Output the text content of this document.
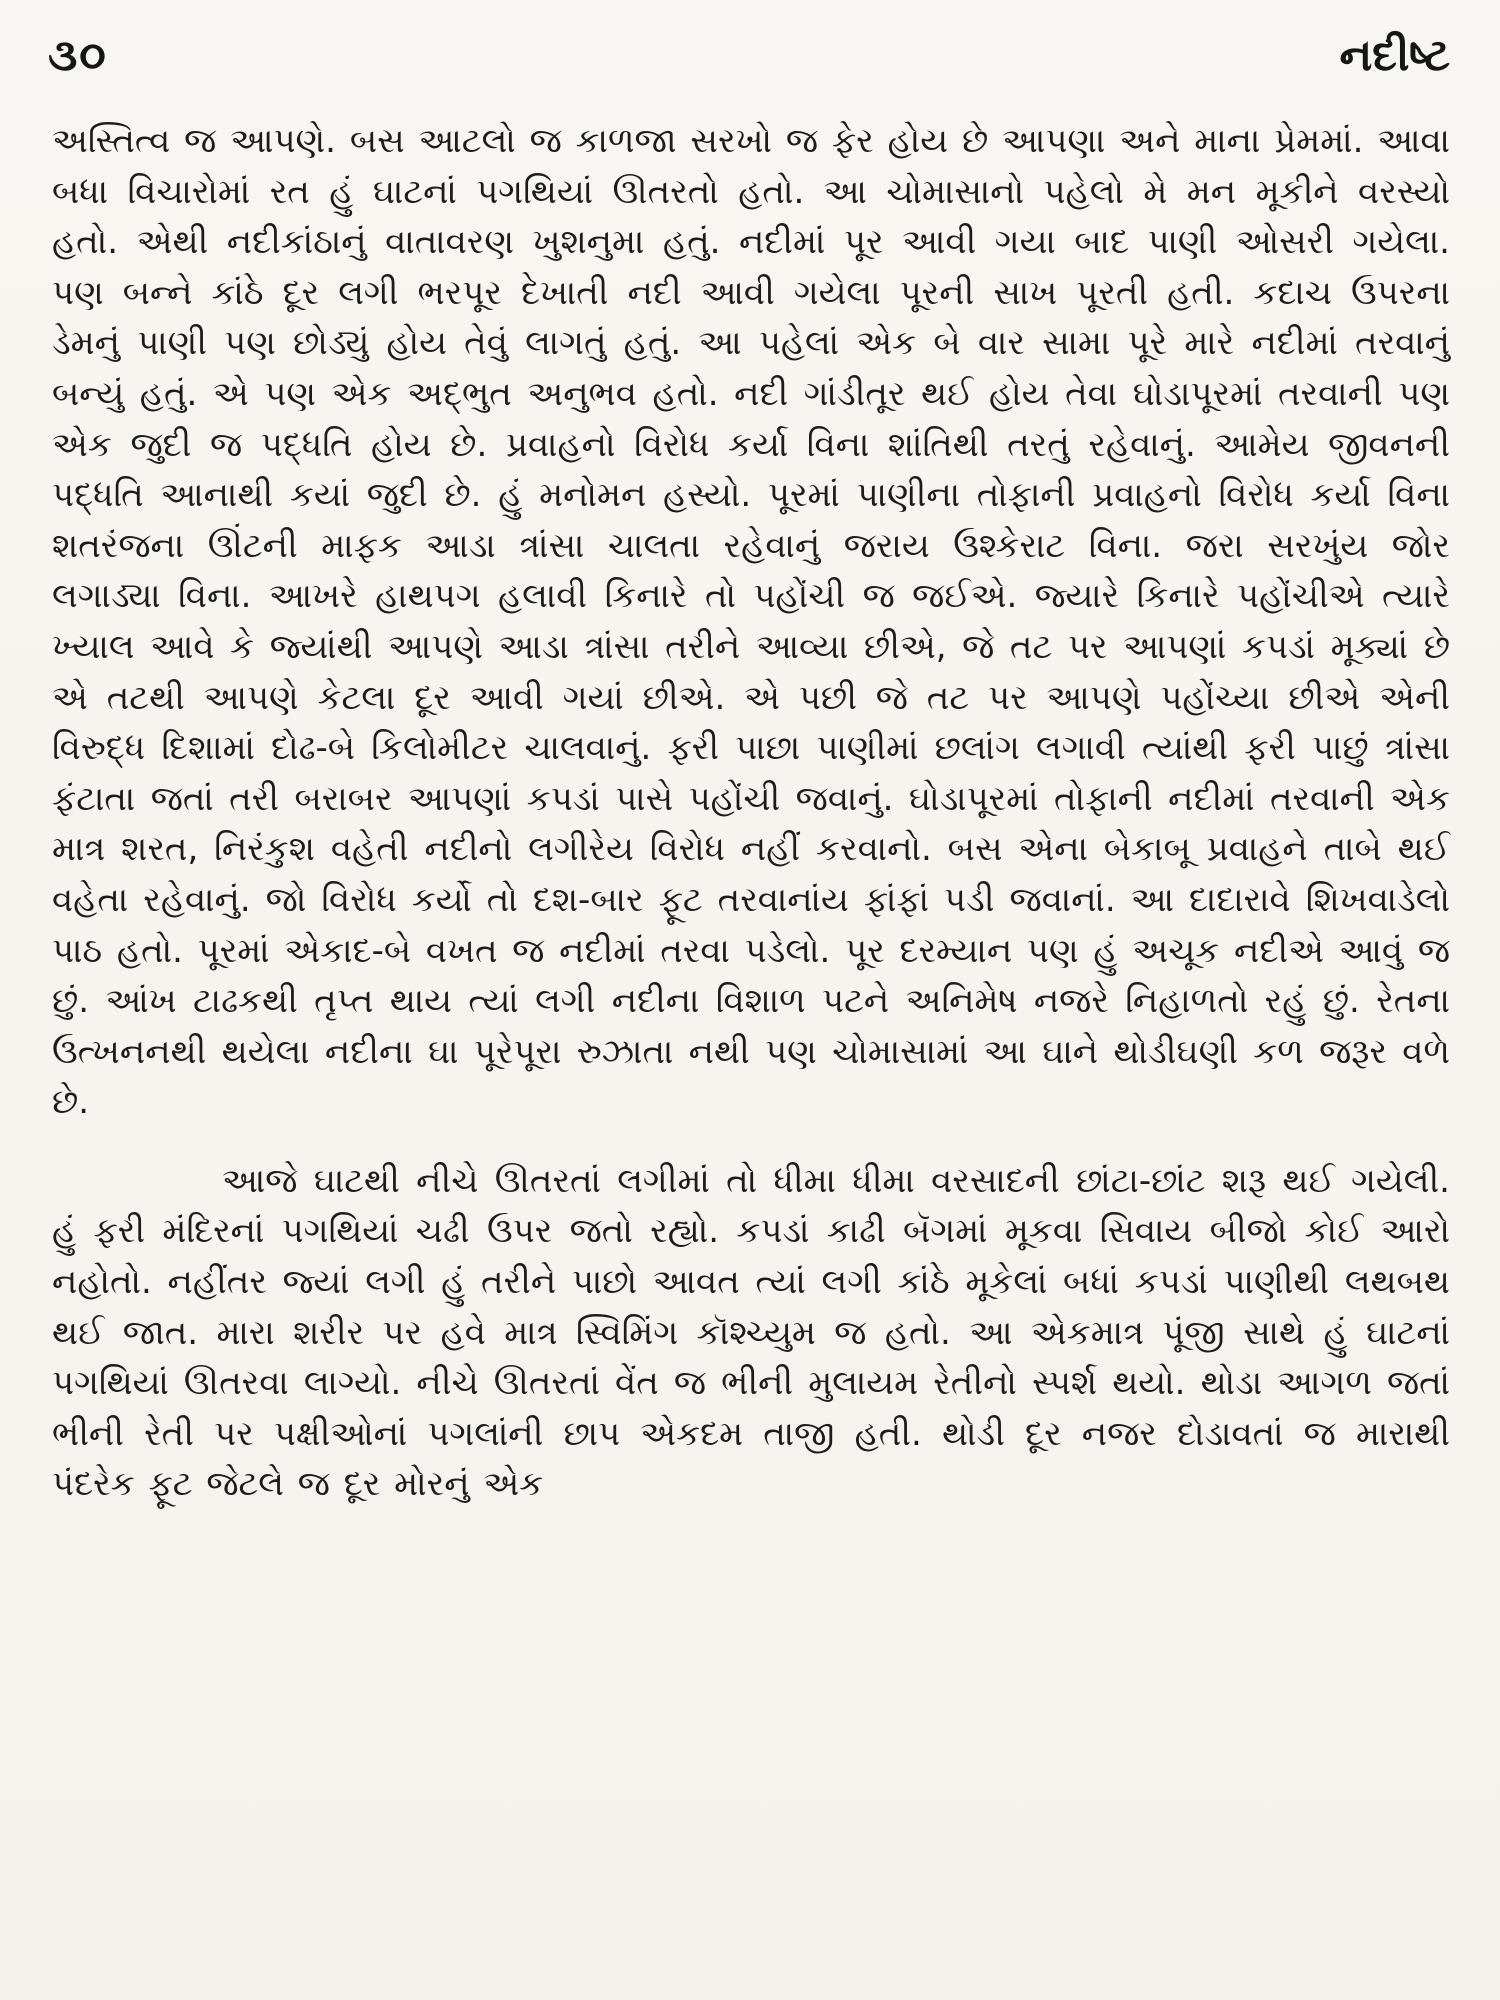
૩૦	નદીષ્ટ

અસ્તિત્વ જ આપણે. બસ આટલો જ કાળજા સરખો જ ફેર હોય છે આપણા અને માના પ્રેમમાં. આવા બધા વિચારોમાં રત હું ઘાટનાં પગથિયાં ઊતરતો હતો. આ ચોમાસાનો પહેલો મે મન મૂકીને વરસ્યો હતો. એથી નદીકાંઠાનું વાતાવરણ ખુશનુમા હતું. નદીમાં પૂર આવી ગયા બાદ પાણી ઓસરી ગયેલા. પણ બન્ને કાંઠે દૂર લગી ભરપૂર દેખાતી નદી આવી ગયેલા પૂરની સાખ પૂરતી હતી. કદાચ ઉપરના ડેમનું પાણી પણ છોડ્યું હોય તેવું લાગતું હતું. આ પહેલાં એક બે વાર સામા પૂરે મારે નદીમાં તરવાનું બન્યું હતું. એ પણ એક અદ્ભુત અનુભવ હતો. નદી ગાંડીતૂર થઈ હોય તેવા ઘોડાપૂરમાં તરવાની પણ એક જુદી જ પદ્ધતિ હોય છે. પ્રવાહનો વિરોધ કર્યા વિના શાંતિથી તરતું રહેવાનું. આમેય જીવનની પદ્ધતિ આનાથી કયાં જુદી છે. હું મનોમન હસ્યો. પૂરમાં પાણીના તોફાની પ્રવાહનો વિરોધ કર્યા વિના શતરંજના ઊંટની માફક આડા ત્રાંસા ચાલતા રહેવાનું જરાય ઉશ્કેરાટ વિના. જરા સરખુંય જોર લગાડ્યા વિના. આખરે હાથપગ હલાવી કિનારે તો પહોંચી જ જઈએ. જ્યારે કિનારે પહોંચીએ ત્યારે ખ્યાલ આવે કે જ્યાંથી આપણે આડા ત્રાંસા તરીને આવ્યા છીએ, જે તટ પર આપણાં કપડાં મૂક્યાં છે એ તટથી આપણે કેટલા દૂર આવી ગયાં છીએ. એ પછી જે તટ પર આપણે પહોંચ્યા છીએ એની વિરુદ્ધ દિશામાં દોઢ-બે કિલોમીટર ચાલવાનું. ફરી પાછા પાણીમાં છલાંગ લગાવી ત્યાંથી ફરી પાછું ત્રાંસા ફંટાતા જતાં તરી બરાબર આપણાં કપડાં પાસે પહોંચી જવાનું. ઘોડાપૂરમાં તોફાની નદીમાં તરવાની એક માત્ર શરત, નિરંકુશ વહેતી નદીનો લગીરેય વિરોધ નહીં કરવાનો. બસ એના બેકાબૂ પ્રવાહને તાબે થઈ વહેતા રહેવાનું. જો વિરોધ કર્યો તો દશ-બાર ફૂટ તરવાનાંય ફાંફાં પડી જવાનાં. આ દાદારાવે શિખવાડેલો પાઠ હતો. પૂરમાં એકાદ-બે વખત જ નદીમાં તરવા પડેલો. પૂર દરમ્યાન પણ હું અચૂક નદીએ આવું જ છું. આંખ ટાઢકથી તૃપ્ત થાય ત્યાં લગી નદીના વિશાળ પટને અનિમેષ નજરે નિહાળતો રહું છું. રેતના ઉત્ખનનથી થયેલા નદીના ઘા પૂરેપૂરા રુઝાતા નથી પણ ચોમાસામાં આ ઘાને થોડીઘણી કળ જરૂર વળે છે.

આજે ઘાટથી નીચે ઊતરતાં લગીમાં તો ધીમા ધીમા વરસાદની છાંટા-છાંટ શરૂ થઈ ગયેલી. હું ફરી મંદિરનાં પગથિયાં ચઢી ઉપર જતો રહ્યો. કપડાં કાઢી બૅગમાં મૂકવા સિવાય બીજો કોઈ આરો નહોતો. નહીંતર જ્યાં લગી હું તરીને પાછો આવત ત્યાં લગી કાંઠે મૂકેલાં બધાં કપડાં પાણીથી લથબથ થઈ જાત. મારા શરીર પર હવે માત્ર સ્વિમિંગ કૉશ્ચ્યુમ જ હતો. આ એકમાત્ર પૂંજી સાથે હું ઘાટનાં પગથિયાં ઊતરવા લાગ્યો. નીચે ઊતરતાં વેંત જ ભીની મુલાયમ રેતીનો સ્પર્શ થયો. થોડા આગળ જતાં ભીની રેતી પર પક્ષીઓનાં પગલાંની છાપ એકદમ તાજી હતી. થોડી દૂર નજર દોડાવતાં જ મારાથી પંદરેક ફૂટ જેટલે જ દૂર મોરનું એક
